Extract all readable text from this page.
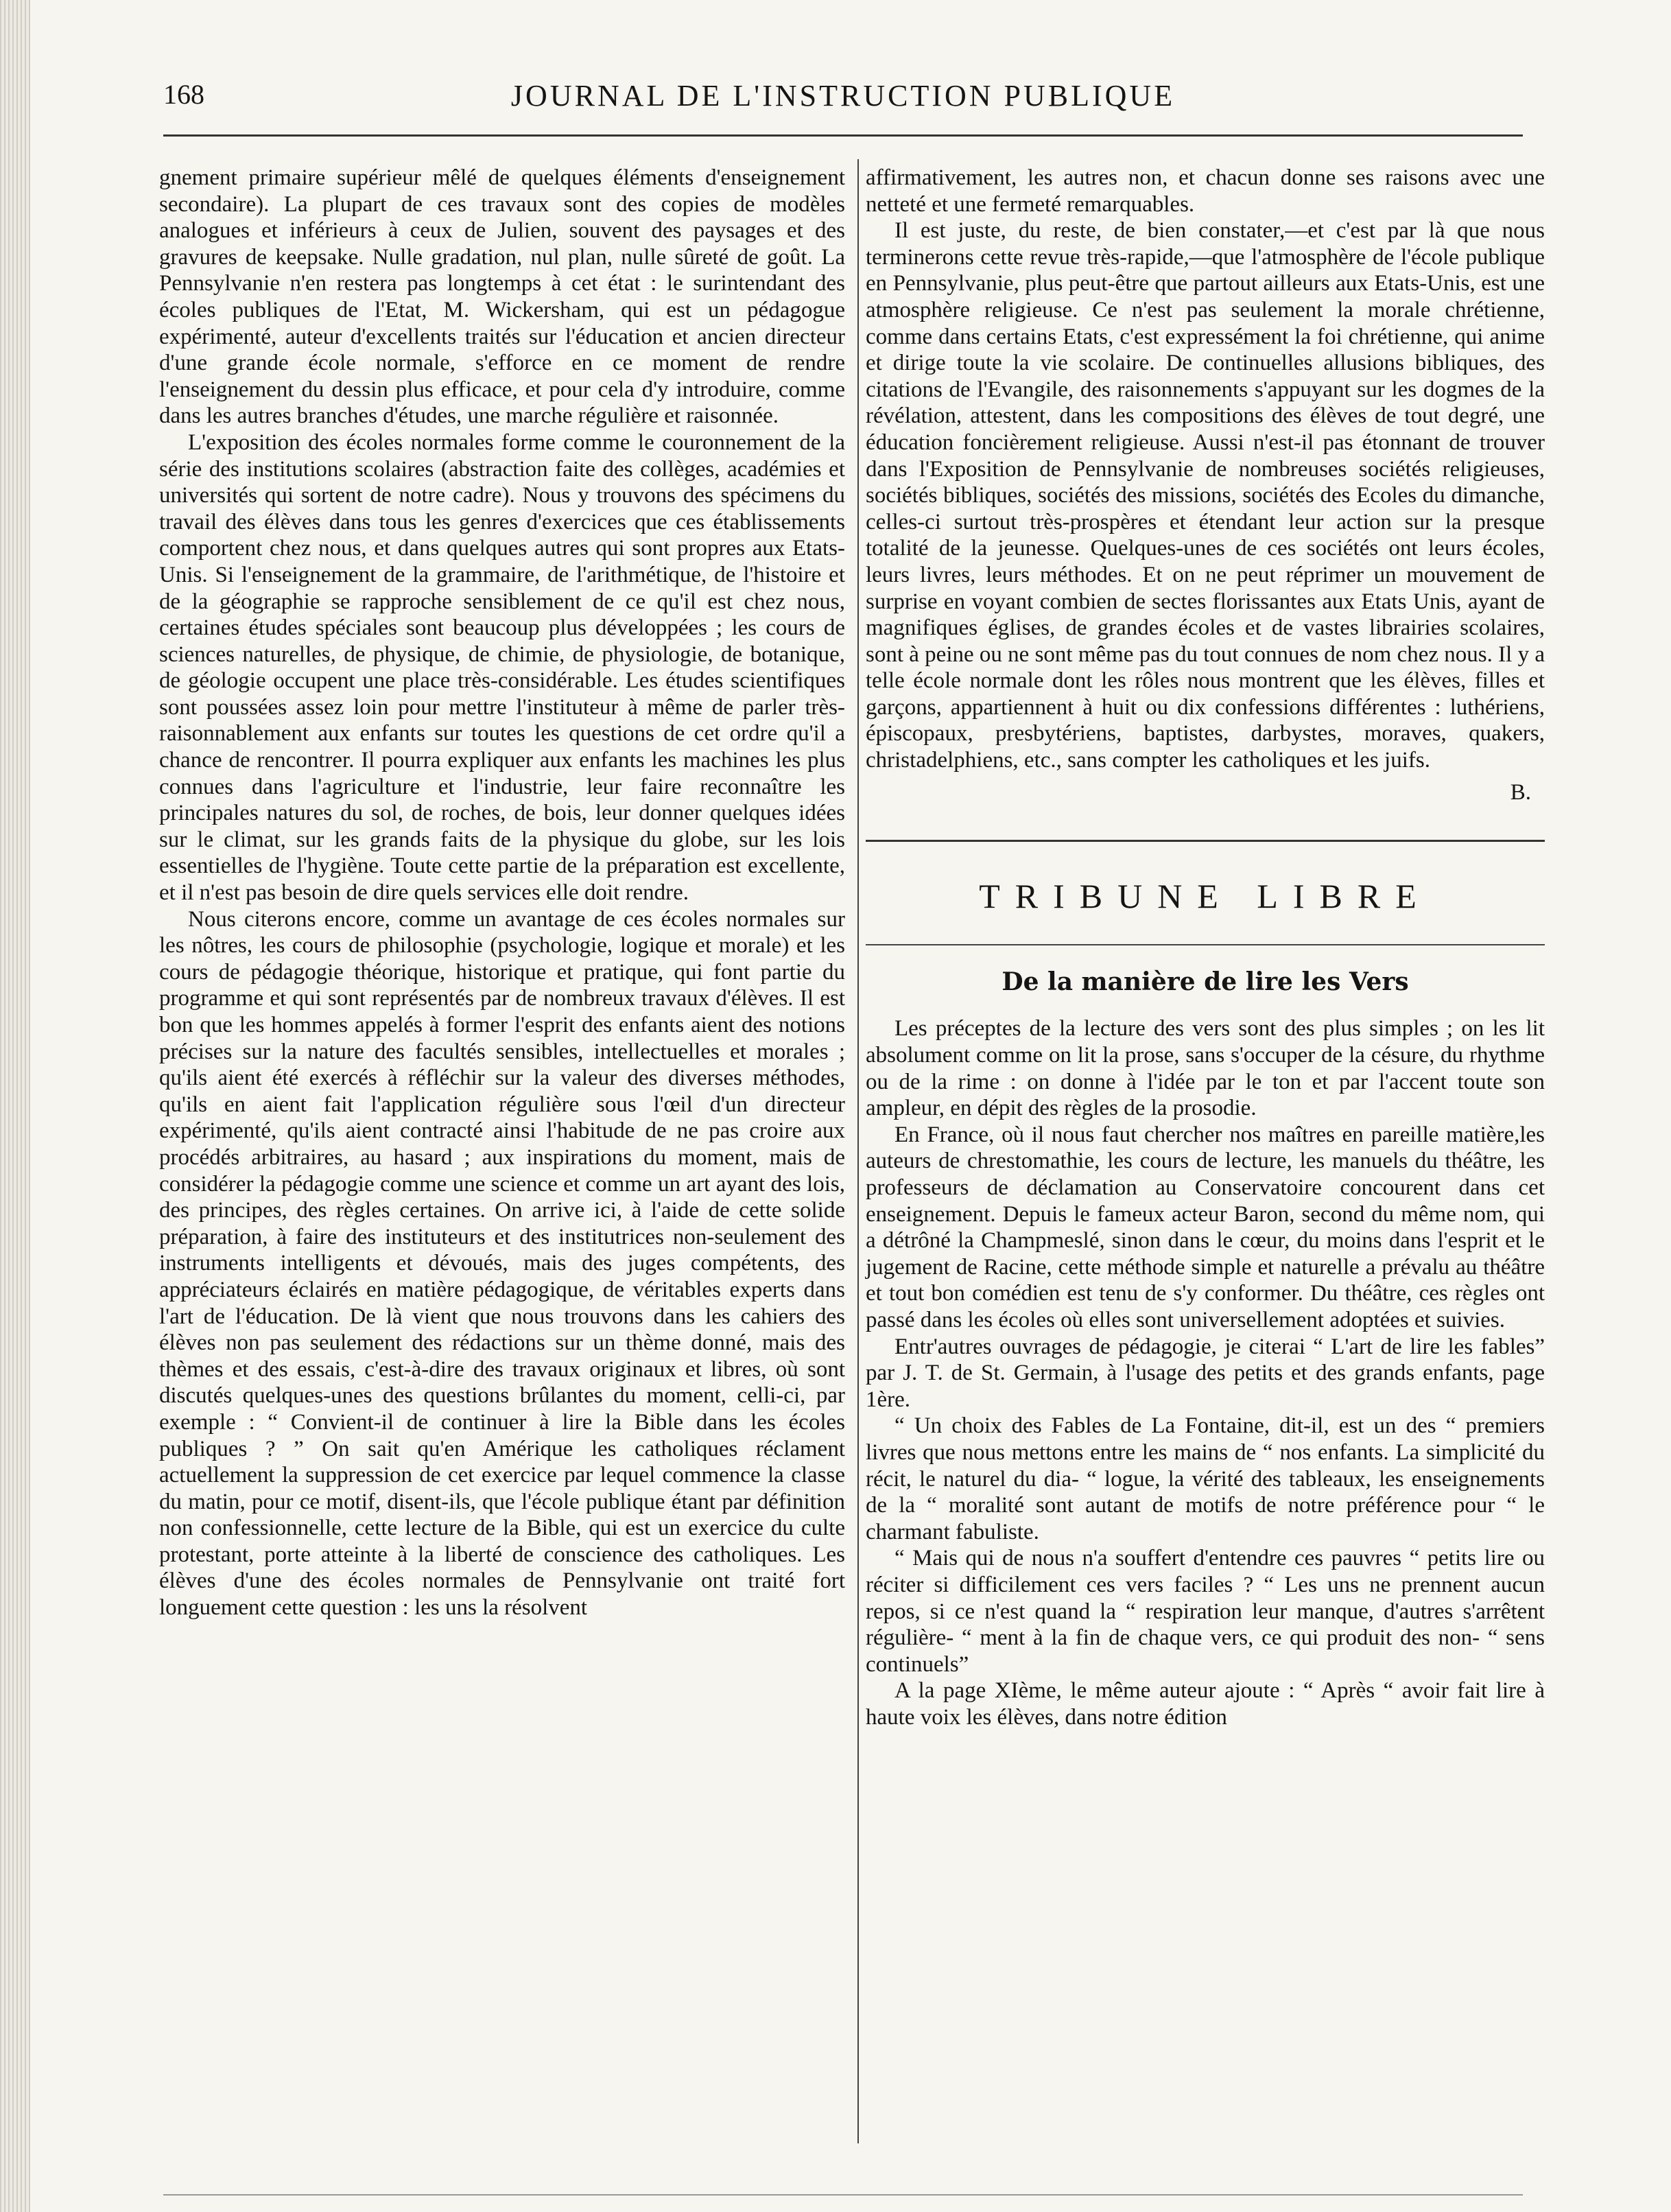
168	JOURNAL DE L'INSTRUCTION PUBLIQUE

gnement primaire supérieur mêlé de quelques éléments d'enseignement secondaire). La plupart de ces travaux sont des copies de modèles analogues et inférieurs à ceux de Julien, souvent des paysages et des gravures de keepsake. Nulle gradation, nul plan, nulle sûreté de goût. La Pennsylvanie n'en restera pas longtemps à cet état : le surintendant des écoles publiques de l'Etat, M. Wickersham, qui est un pédagogue expérimenté, auteur d'excellents traités sur l'éducation et ancien directeur d'une grande école normale, s'efforce en ce moment de rendre l'enseignement du dessin plus efficace, et pour cela d'y introduire, comme dans les autres branches d'études, une marche régulière et raisonnée.

L'exposition des écoles normales forme comme le couronnement de la série des institutions scolaires (abstraction faite des collèges, académies et universités qui sortent de notre cadre). Nous y trouvons des spécimens du travail des élèves dans tous les genres d'exercices que ces établissements comportent chez nous, et dans quelques autres qui sont propres aux Etats-Unis. Si l'enseignement de la grammaire, de l'arithmétique, de l'histoire et de la géographie se rapproche sensiblement de ce qu'il est chez nous, certaines études spéciales sont beaucoup plus développées ; les cours de sciences naturelles, de physique, de chimie, de physiologie, de botanique, de géologie occupent une place très-considérable. Les études scientifiques sont poussées assez loin pour mettre l'instituteur à même de parler très-raisonnablement aux enfants sur toutes les questions de cet ordre qu'il a chance de rencontrer. Il pourra expliquer aux enfants les machines les plus connues dans l'agriculture et l'industrie, leur faire reconnaître les principales natures du sol, de roches, de bois, leur donner quelques idées sur le climat, sur les grands faits de la physique du globe, sur les lois essentielles de l'hygiène. Toute cette partie de la préparation est excellente, et il n'est pas besoin de dire quels services elle doit rendre.

Nous citerons encore, comme un avantage de ces écoles normales sur les nôtres, les cours de philosophie (psychologie, logique et morale) et les cours de pédagogie théorique, historique et pratique, qui font partie du programme et qui sont représentés par de nombreux travaux d'élèves. Il est bon que les hommes appelés à former l'esprit des enfants aient des notions précises sur la nature des facultés sensibles, intellectuelles et morales ; qu'ils aient été exercés à réfléchir sur la valeur des diverses méthodes, qu'ils en aient fait l'application régulière sous l'œil d'un directeur expérimenté, qu'ils aient contracté ainsi l'habitude de ne pas croire aux procédés arbitraires, au hasard ; aux inspirations du moment, mais de considérer la pédagogie comme une science et comme un art ayant des lois, des principes, des règles certaines. On arrive ici, à l'aide de cette solide préparation, à faire des instituteurs et des institutrices non-seulement des instruments intelligents et dévoués, mais des juges compétents, des appréciateurs éclairés en matière pédagogique, de véritables experts dans l'art de l'éducation. De là vient que nous trouvons dans les cahiers des élèves non pas seulement des rédactions sur un thème donné, mais des thèmes et des essais, c'est-à-dire des travaux originaux et libres, où sont discutés quelques-unes des questions brûlantes du moment, celli-ci, par exemple : “ Convient-il de continuer à lire la Bible dans les écoles publiques ? ” On sait qu'en Amérique les catholiques réclament actuellement la suppression de cet exercice par lequel commence la classe du matin, pour ce motif, disent-ils, que l'école publique étant par définition non confessionnelle, cette lecture de la Bible, qui est un exercice du culte protestant, porte atteinte à la liberté de conscience des catholiques. Les élèves d'une des écoles normales de Pennsylvanie ont traité fort longuement cette question : les uns la résolvent

affirmativement, les autres non, et chacun donne ses raisons avec une netteté et une fermeté remarquables.

Il est juste, du reste, de bien constater,—et c'est par là que nous terminerons cette revue très-rapide,—que l'atmosphère de l'école publique en Pennsylvanie, plus peut-être que partout ailleurs aux Etats-Unis, est une atmosphère religieuse. Ce n'est pas seulement la morale chrétienne, comme dans certains Etats, c'est expressément la foi chrétienne, qui anime et dirige toute la vie scolaire. De continuelles allusions bibliques, des citations de l'Evangile, des raisonnements s'appuyant sur les dogmes de la révélation, attestent, dans les compositions des élèves de tout degré, une éducation foncièrement religieuse. Aussi n'est-il pas étonnant de trouver dans l'Exposition de Pennsylvanie de nombreuses sociétés religieuses, sociétés bibliques, sociétés des missions, sociétés des Ecoles du dimanche, celles-ci surtout très-prospères et étendant leur action sur la presque totalité de la jeunesse. Quelques-unes de ces sociétés ont leurs écoles, leurs livres, leurs méthodes. Et on ne peut réprimer un mouvement de surprise en voyant combien de sectes florissantes aux Etats Unis, ayant de magnifiques églises, de grandes écoles et de vastes librairies scolaires, sont à peine ou ne sont même pas du tout connues de nom chez nous. Il y a telle école normale dont les rôles nous montrent que les élèves, filles et garçons, appartiennent à huit ou dix confessions différentes : luthériens, épiscopaux, presbytériens, baptistes, darbystes, moraves, quakers, christadelphiens, etc., sans compter les catholiques et les juifs.

B.
TRIBUNE LIBRE
De la manière de lire les Vers

Les préceptes de la lecture des vers sont des plus simples ; on les lit absolument comme on lit la prose, sans s'occuper de la césure, du rhythme ou de la rime : on donne à l'idée par le ton et par l'accent toute son ampleur, en dépit des règles de la prosodie.

En France, où il nous faut chercher nos maîtres en pareille matière,les auteurs de chrestomathie, les cours de lecture, les manuels du théâtre, les professeurs de déclamation au Conservatoire concourent dans cet enseignement. Depuis le fameux acteur Baron, second du même nom, qui a détrôné la Champmeslé, sinon dans le cœur, du moins dans l'esprit et le jugement de Racine, cette méthode simple et naturelle a prévalu au théâtre et tout bon comédien est tenu de s'y conformer. Du théâtre, ces règles ont passé dans les écoles où elles sont universellement adoptées et suivies.

Entr'autres ouvrages de pédagogie, je citerai “ L'art de lire les fables” par J. T. de St. Germain, à l'usage des petits et des grands enfants, page 1ère.

“ Un choix des Fables de La Fontaine, dit-il, est un des “ premiers livres que nous mettons entre les mains de “ nos enfants. La simplicité du récit, le naturel du dia- “ logue, la vérité des tableaux, les enseignements de la “ moralité sont autant de motifs de notre préférence pour “ le charmant fabuliste.

“ Mais qui de nous n'a souffert d'entendre ces pauvres “ petits lire ou réciter si difficilement ces vers faciles ? “ Les uns ne prennent aucun repos, si ce n'est quand la “ respiration leur manque, d'autres s'arrêtent régulière- “ ment à la fin de chaque vers, ce qui produit des non- “ sens continuels”

A la page XIème, le même auteur ajoute : “ Après “ avoir fait lire à haute voix les élèves, dans notre édition
